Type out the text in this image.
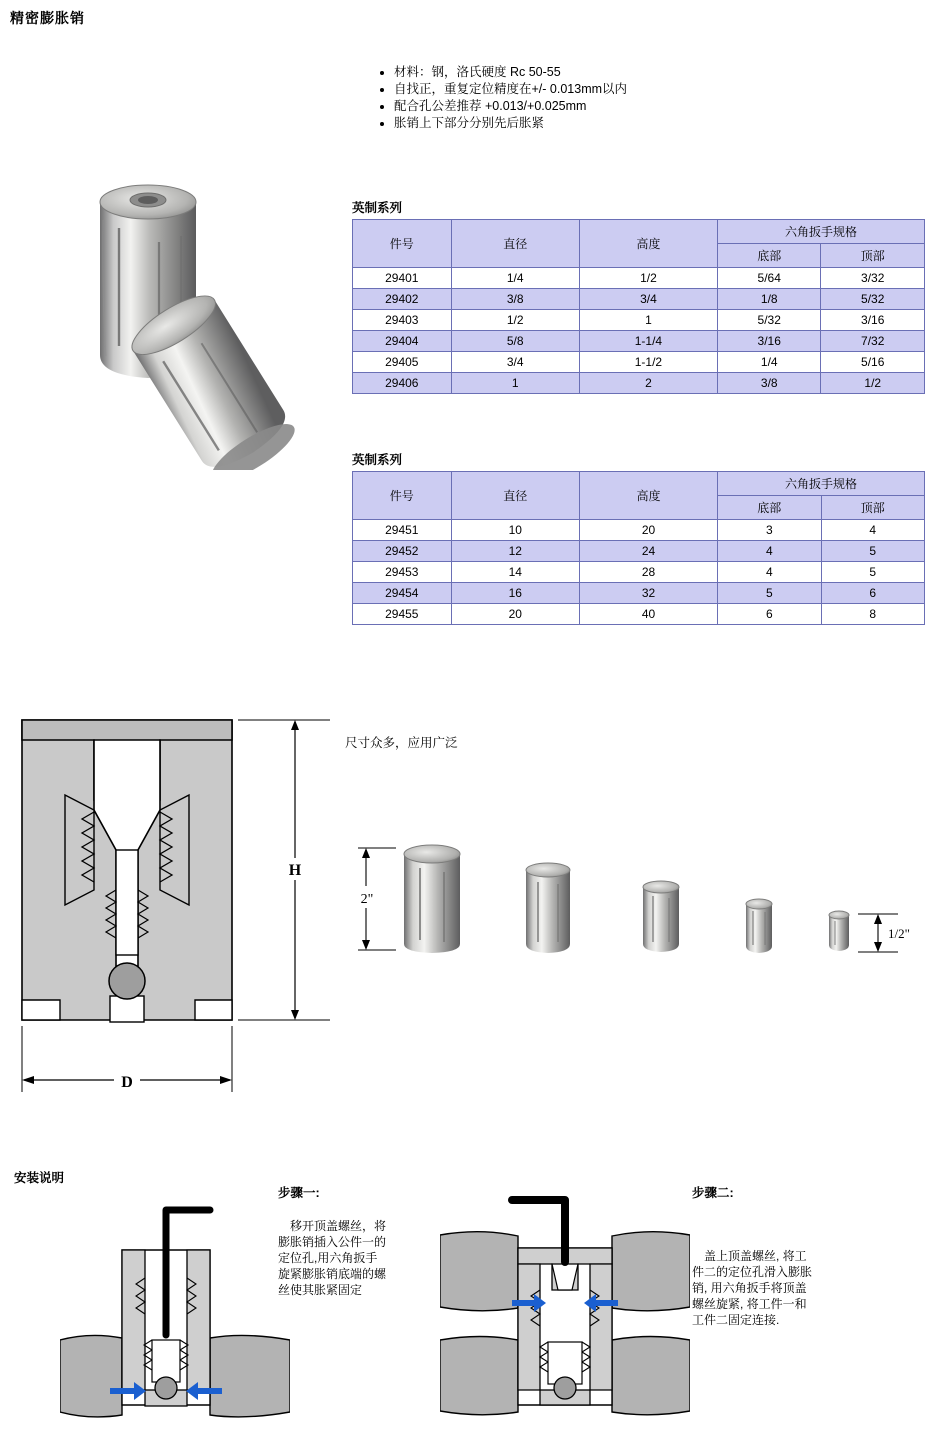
精密膨胀销
• 材料：钢，洛氏硬度 Rc 50-55
• 自找正，重复定位精度在+/- 0.013mm以内
• 配合孔公差推荐 +0.013/+0.025mm
• 胀销上下部分分别先后胀紧
英制系列
件号	直径	高度	六角扳手规格	
			底部	顶部
29401	1/4	1/2	5/64	3/32
29402	3/8	3/4	1/8	5/32
29403	1/2	1	5/32	3/16
29404	5/8	1-1/4	3/16	7/32
29405	3/4	1-1/2	1/4	5/16
29406	1	2	3/8	1/2
英制系列
件号	直径	高度	六角扳手规格	
			底部	顶部
29451	10	20	3	4
29452	12	24	4	5
29453	14	28	4	5
29454	16	32	5	6
29455	20	40	6	8
H
D
尺寸众多，应用广泛
2"
1/2"
安装说明
步骤一:
移开顶盖螺丝，将膨胀销插入公件一的定位孔,用六角扳手旋紧膨胀销底端的螺丝使其胀紧固定
步骤二:
盖上顶盖螺丝, 将工件二的定位孔滑入膨胀销, 用六角扳手将顶盖螺丝旋紧, 将工件一和工件二固定连接.
